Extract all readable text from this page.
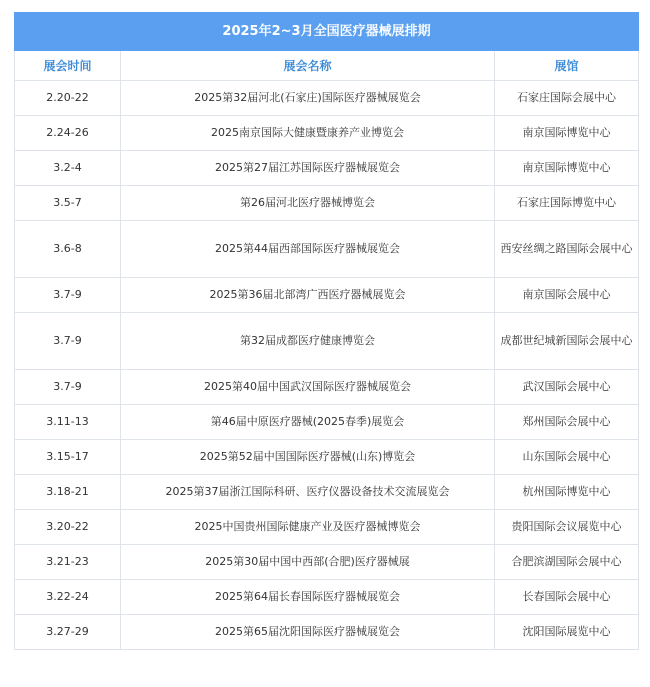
2025年2~3月全国医疗器械展排期		
展会时间	展会名称	展馆
2.20-22	2025第32届河北(石家庄)国际医疗器械展览会	石家庄国际会展中心
2.24-26	2025南京国际大健康暨康养产业博览会	南京国际博览中心
3.2-4	2025第27届江苏国际医疗器械展览会	南京国际博览中心
3.5-7	第26届河北医疗器械博览会	石家庄国际博览中心
3.6-8	2025第44届西部国际医疗器械展览会	西安丝绸之路国际会展中心
3.7-9	2025第36届北部湾广西医疗器械展览会	南京国际会展中心
3.7-9	第32届成都医疗健康博览会	成都世纪城新国际会展中心
3.7-9	2025第40届中国武汉国际医疗器械展览会	武汉国际会展中心
3.11-13	第46届中原医疗器械(2025春季)展览会	郑州国际会展中心
3.15-17	2025第52届中国国际医疗器械(山东)博览会	山东国际会展中心
3.18-21	2025第37届浙江国际科研、医疗仪器设备技术交流展览会	杭州国际博览中心
3.20-22	2025中国贵州国际健康产业及医疗器械博览会	贵阳国际会议展览中心
3.21-23	2025第30届中国中西部(合肥)医疗器械展	合肥滨湖国际会展中心
3.22-24	2025第64届长春国际医疗器械展览会	长春国际会展中心
3.27-29	2025第65届沈阳国际医疗器械展览会	沈阳国际展览中心
